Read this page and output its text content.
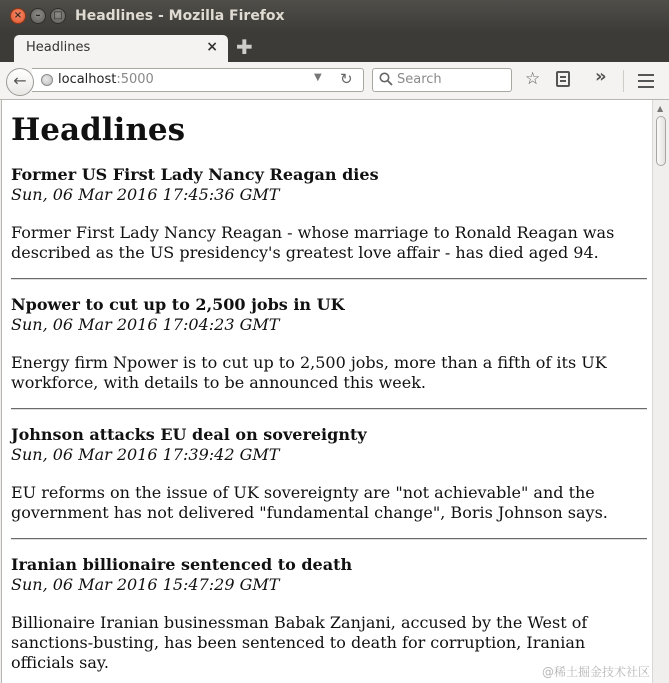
×	–	□ Headlines - Mozilla Firefox
Headlines	× ✚
localhost:5000	▼ ↻
←	Search	☆	»
Headlines
Former US First Lady Nancy Reagan dies
Sun, 06 Mar 2016 17:45:36 GMT

Former First Lady Nancy Reagan - whose marriage to Ronald Reagan was described as the US presidency's greatest love affair - has died aged 94.

Npower to cut up to 2,500 jobs in UK
Sun, 06 Mar 2016 17:04:23 GMT

Energy firm Npower is to cut up to 2,500 jobs, more than a fifth of its UK workforce, with details to be announced this week.

Johnson attacks EU deal on sovereignty
Sun, 06 Mar 2016 17:39:42 GMT

EU reforms on the issue of UK sovereignty are "not achievable" and the government has not delivered "fundamental change", Boris Johnson says.

Iranian billionaire sentenced to death
Sun, 06 Mar 2016 15:47:29 GMT

Billionaire Iranian businessman Babak Zanjani, accused by the West of sanctions-busting, has been sentenced to death for corruption, Iranian officials say.	@稀土掘金技术社区
▲
